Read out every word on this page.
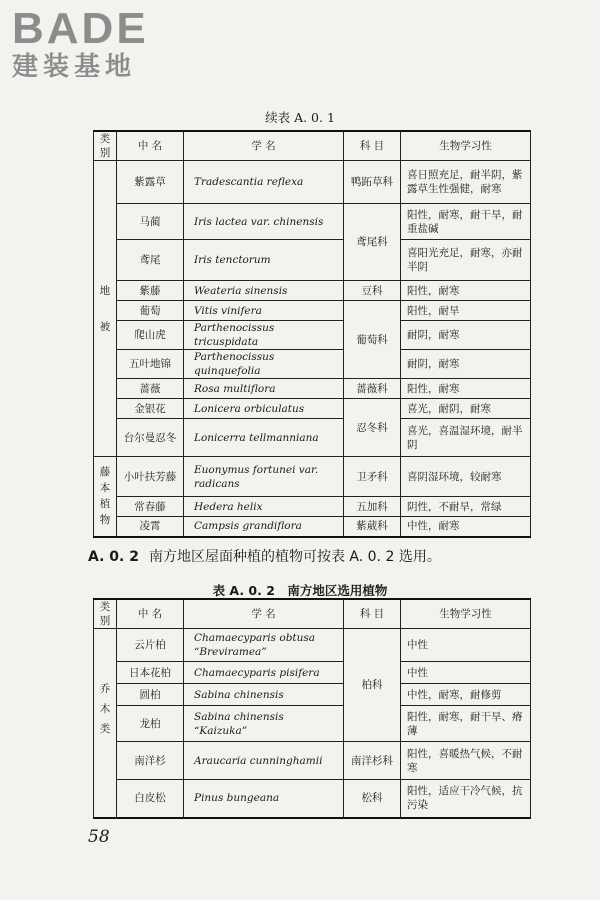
BADE
建装基地
续表 A. 0. 1
类别	中 名	学 名	科 目	生物学习性

地
被	紫露草	Tradescantia reflexa	鸭跖草科	喜日照充足，耐半阴，紫露草生性强健，耐寒
	马蔺	Iris lactea var. chinensis	鸢尾科	阳性，耐寒，耐干旱，耐重盐碱
	鸢尾	Iris tenctorum		喜阳光充足，耐寒，亦耐半阴
	紫藤	Weateria sinensis	豆科	阳性，耐寒
	葡萄	Vitis vinifera	葡萄科	阳性，耐旱
	爬山虎	Parthenocissus tricuspidata		耐阴，耐寒
	五叶地锦	Parthenocissus quinquefolia		耐阴，耐寒
	蔷薇	Rosa multiflora	蔷薇科	阳性，耐寒
	金银花	Lonicera orbiculatus	忍冬科	喜光，耐阴，耐寒
	台尔曼忍冬	Lonicerra tellmanniana		喜光，喜温湿环境，耐半阴

藤
本
植
物	小叶扶芳藤	Euonymus fortunei var. radicans	卫矛科	喜阴湿环境，较耐寒
	常春藤	Hedera helix	五加科	阴性，不耐旱，常绿
	凌霄	Campsis grandiflora	紫葳科	中性，耐寒
A. 0. 2 南方地区屋面种植的植物可按表 A. 0. 2 选用。
表 A. 0. 2　南方地区选用植物
类别	中 名	学 名	科 目	生物学习性

乔
木
类	云片柏	Chamaecyparis obtusa “Breviramea”	柏科	中性
	日本花柏	Chamaecyparis pisifera		中性
	圆柏	Sabina chinensis		中性，耐寒，耐修剪
	龙柏	Sabina chinensis “Kaizuka”		阳性，耐寒，耐干旱、瘠薄
	南洋杉	Araucaria cunninghamii	南洋杉科	阳性，喜暖热气候，不耐寒
	白皮松	Pinus bungeana	松科	阳性，适应干冷气候，抗污染
58
